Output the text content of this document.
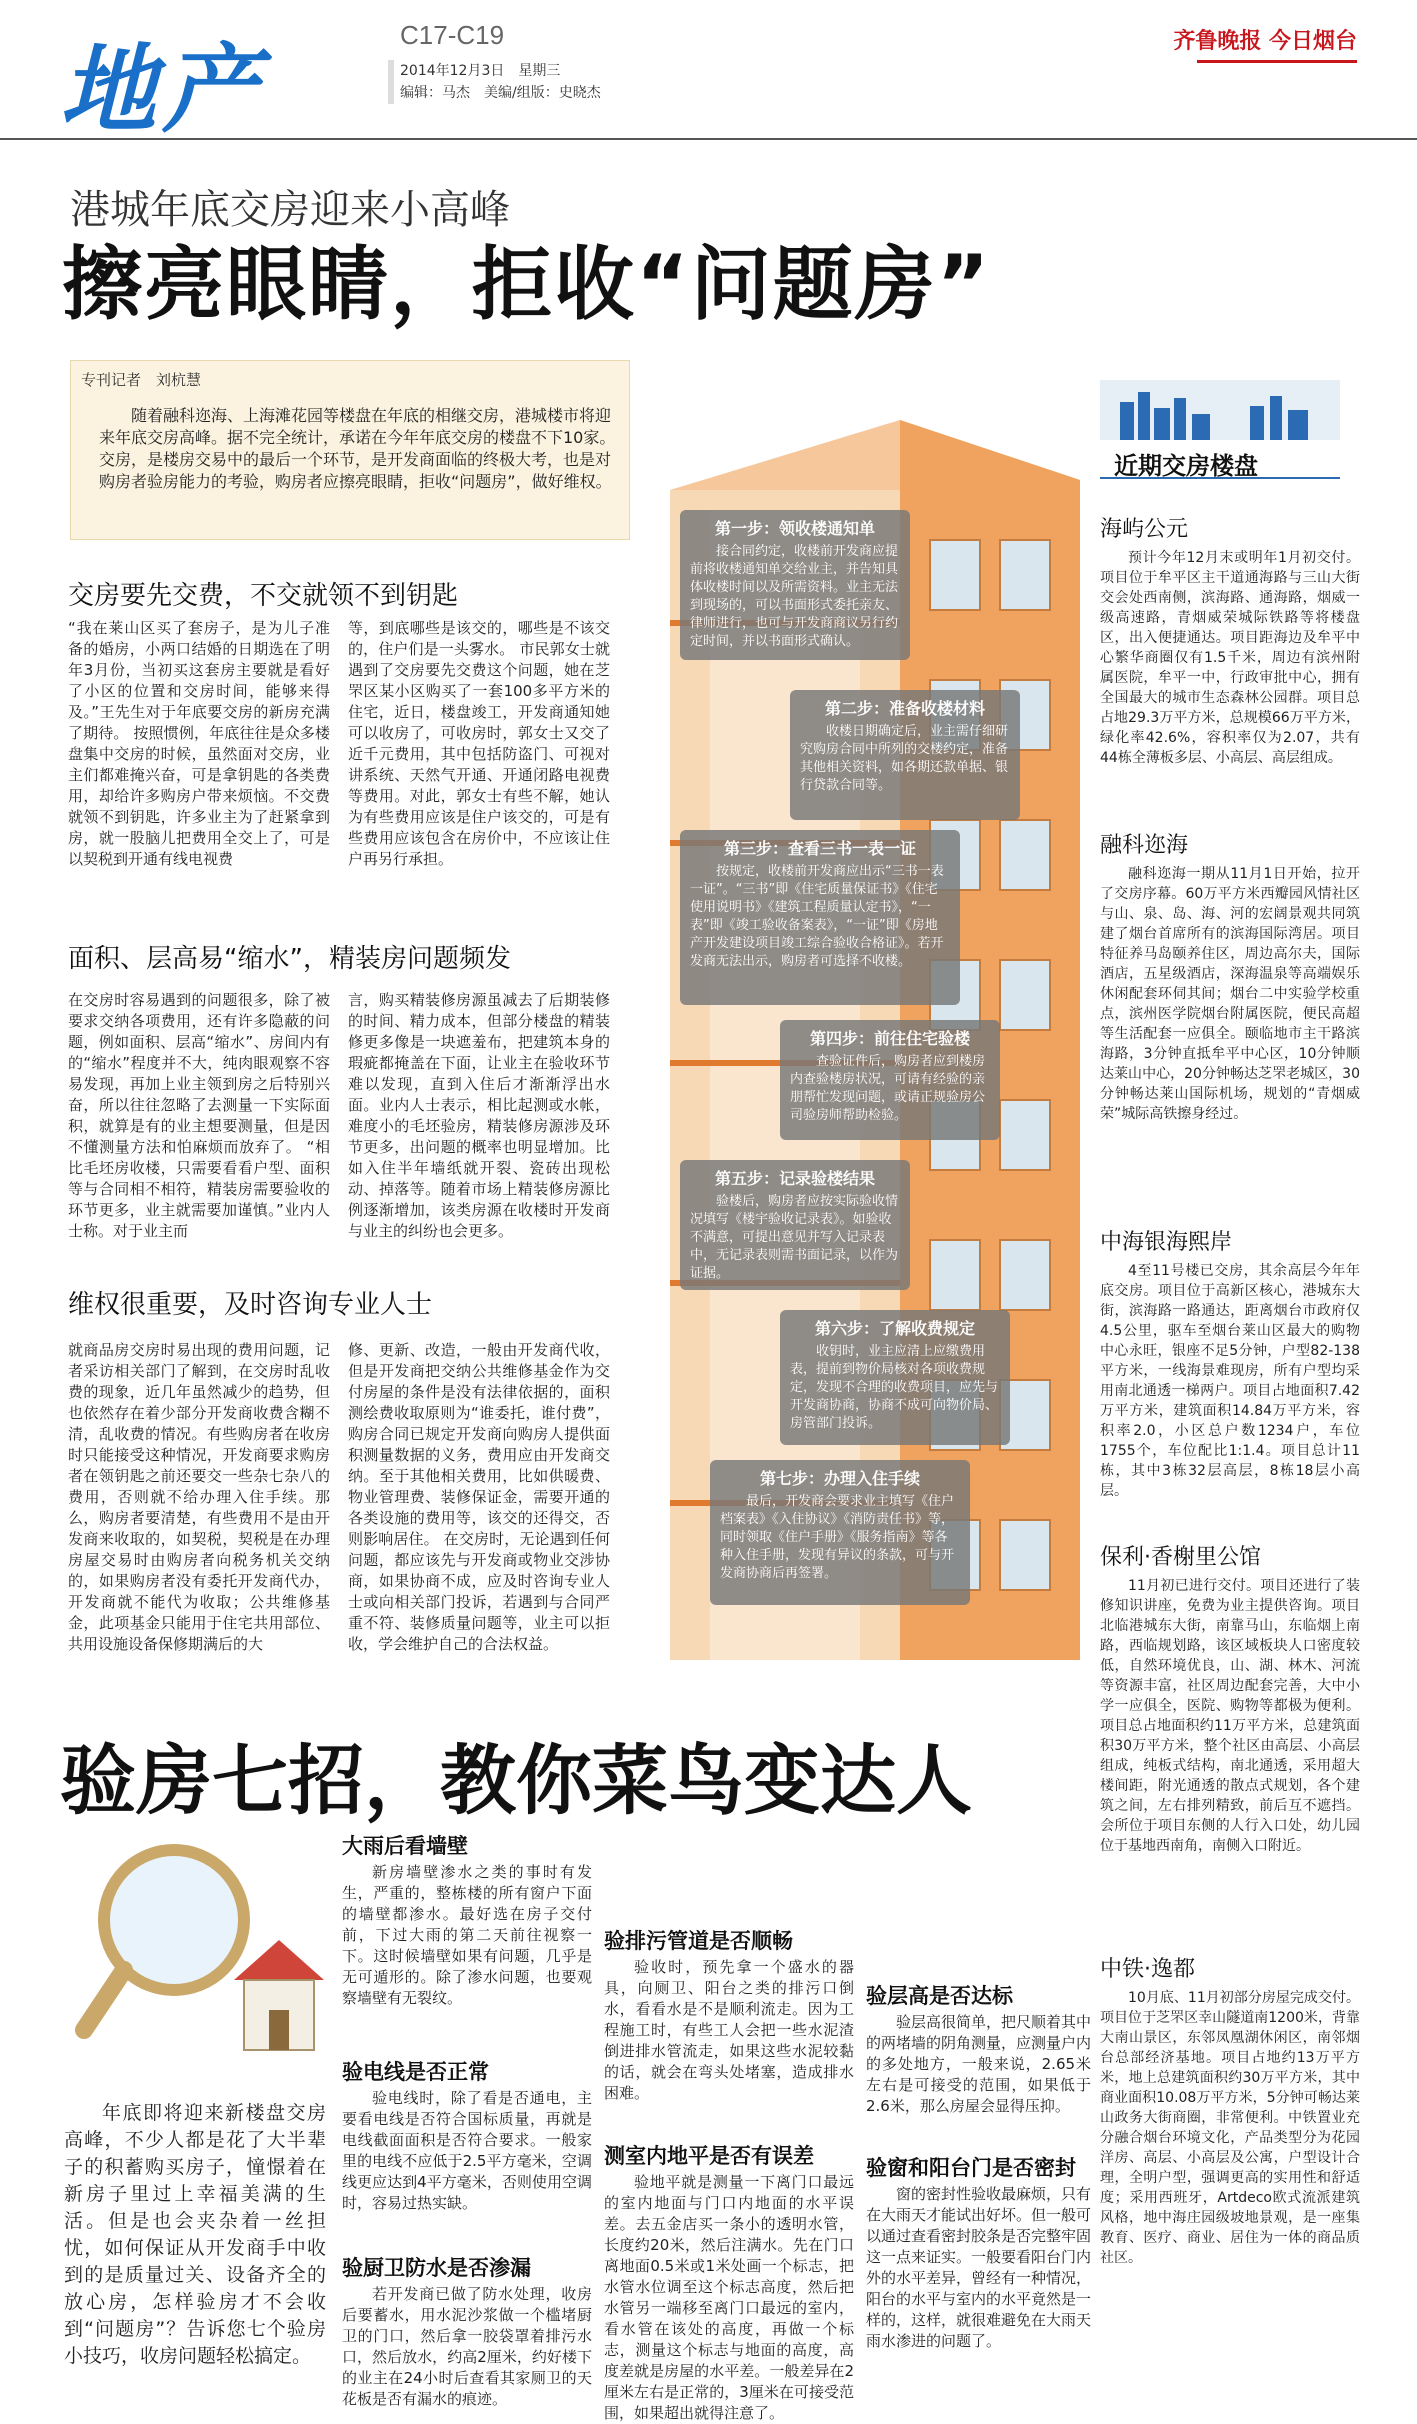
地产	C17-C19
2014年12月3日　星期三
编辑：马杰　美编/组版：史晓杰
齐鲁晚报 今日烟台
港城年底交房迎来小高峰
擦亮眼睛，拒收“问题房”
专刊记者　刘杭慧
随着融科迩海、上海滩花园等楼盘在年底的相继交房，港城楼市将迎来年底交房高峰。据不完全统计，承诺在今年年底交房的楼盘不下10家。交房，是楼房交易中的最后一个环节，是开发商面临的终极大考，也是对购房者验房能力的考验，购房者应擦亮眼睛，拒收“问题房”，做好维权。
交房要先交费，不交就领不到钥匙
“我在莱山区买了套房子，是为儿子准备的婚房，小两口结婚的日期选在了明年3月份，当初买这套房主要就是看好了小区的位置和交房时间，能够来得及。”王先生对于年底要交房的新房充满了期待。 按照惯例，年底往往是众多楼盘集中交房的时候，虽然面对交房，业主们都难掩兴奋，可是拿钥匙的各类费用，却给许多购房户带来烦恼。不交费就领不到钥匙，许多业主为了赶紧拿到房，就一股脑儿把费用全交上了，可是以契税到开通有线电视费
等，到底哪些是该交的，哪些是不该交的，住户们是一头雾水。 市民郭女士就遇到了交房要先交费这个问题，她在芝罘区某小区购买了一套100多平方米的住宅，近日，楼盘竣工，开发商通知她可以收房了，可收房时，郭女士又交了近千元费用，其中包括防盗门、可视对讲系统、天然气开通、开通闭路电视费等费用。对此，郭女士有些不解，她认为有些费用应该是住户该交的，可是有些费用应该包含在房价中，不应该让住户再另行承担。
面积、层高易“缩水”，精装房问题频发
在交房时容易遇到的问题很多，除了被要求交纳各项费用，还有许多隐蔽的问题，例如面积、层高“缩水”、房间内有的“缩水”程度并不大，纯肉眼观察不容易发现，再加上业主领到房之后特别兴奋，所以往往忽略了去测量一下实际面积，就算是有的业主想要测量，但是因不懂测量方法和怕麻烦而放弃了。 “相比毛坯房收楼，只需要看看户型、面积等与合同相不相符，精装房需要验收的环节更多，业主就需要加谨慎。”业内人士称。对于业主而
言，购买精装修房源虽减去了后期装修的时间、精力成本，但部分楼盘的精装修更多像是一块遮羞布，把建筑本身的瑕疵都掩盖在下面，让业主在验收环节难以发现，直到入住后才渐渐浮出水面。业内人士表示，相比起测或水帐，难度小的毛坯验房，精装修房源涉及环节更多，出问题的概率也明显增加。比如入住半年墙纸就开裂、瓷砖出现松动、掉落等。随着市场上精装修房源比例逐渐增加，该类房源在收楼时开发商与业主的纠纷也会更多。
维权很重要，及时咨询专业人士
就商品房交房时易出现的费用问题，记者采访相关部门了解到，在交房时乱收费的现象，近几年虽然减少的趋势，但也依然存在着少部分开发商收费含糊不清，乱收费的情况。有些购房者在收房时只能接受这种情况，开发商要求购房者在领钥匙之前还要交一些杂七杂八的费用，否则就不给办理入住手续。那么，购房者要清楚，有些费用不是由开发商来收取的，如契税，契税是在办理房屋交易时由购房者向税务机关交纳的，如果购房者没有委托开发商代办，开发商就不能代为收取；公共维修基金，此项基金只能用于住宅共用部位、共用设施设备保修期满后的大
修、更新、改造，一般由开发商代收，但是开发商把交纳公共维修基金作为交付房屋的条件是没有法律依据的，面积测绘费收取原则为“谁委托，谁付费”，购房合同已规定开发商向购房人提供面积测量数据的义务，费用应由开发商交纳。至于其他相关费用，比如供暖费、物业管理费、装修保证金，需要开通的各类设施的费用等，该交的还得交，否则影响居住。 在交房时，无论遇到任何问题，都应该先与开发商或物业交涉协商，如果协商不成，应及时咨询专业人士或向相关部门投诉，若遇到与合同严重不符、装修质量问题等，业主可以拒收，学会维护自己的合法权益。
第一步：领收楼通知单
接合同约定，收楼前开发商应提前将收楼通知单交给业主，并告知具体收楼时间以及所需资料。业主无法到现场的，可以书面形式委托亲友、律师进行，也可与开发商商议另行约定时间，并以书面形式确认。
第二步：准备收楼材料
收楼日期确定后，业主需仔细研究购房合同中所列的交楼约定，准备其他相关资料，如各期还款单据、银行贷款合同等。
第三步：查看三书一表一证
按规定，收楼前开发商应出示“三书一表一证”。“三书”即《住宅质量保证书》《住宅使用说明书》《建筑工程质量认定书》，“一表”即《竣工验收备案表》，“一证”即《房地产开发建设项目竣工综合验收合格证》。若开发商无法出示，购房者可选择不收楼。
第四步：前往住宅验楼
查验证件后，购房者应到楼房内查验楼房状况，可请有经验的亲朋帮忙发现问题，或请正规验房公司验房师帮助检验。
第五步：记录验楼结果
验楼后，购房者应按实际验收情况填写《楼宇验收记录表》。如验收不满意，可提出意见并写入记录表中，无记录表则需书面记录，以作为证据。
第六步：了解收费规定
收钥时，业主应清上应缴费用表，提前到物价局核对各项收费规定，发现不合理的收费项目，应先与开发商协商，协商不成可向物价局、房管部门投诉。
第七步：办理入住手续
最后，开发商会要求业主填写《住户档案表》《入住协议》《消防责任书》等，同时领取《住户手册》《服务指南》等各种入住手册，发现有异议的条款，可与开发商协商后再签署。
近期交房楼盘
海屿公元
预计今年12月末或明年1月初交付。项目位于牟平区主干道通海路与三山大街交会处西南侧，滨海路、通海路，烟威一级高速路，青烟威荣城际铁路等将楼盘区，出入便捷通达。项目距海边及牟平中心繁华商圈仅有1.5千米，周边有滨州附属医院，牟平一中，行政审批中心，拥有全国最大的城市生态森林公园群。项目总占地29.3万平方米，总规模66万平方米，绿化率42.6%，容积率仅为2.07，共有44栋全薄板多层、小高层、高层组成。
融科迩海
融科迩海一期从11月1日开始，拉开了交房序幕。60万平方米西瓣园风情社区与山、泉、岛、海、河的宏阔景观共同筑建了烟台首席所有的滨海国际湾居。项目特征养马岛颐养住区，周边高尔夫，国际酒店，五星级酒店，深海温泉等高端娱乐休闲配套环伺其间；烟台二中实验学校重点，滨州医学院烟台附属医院，便民高超等生活配套一应俱全。颐临地市主干路滨海路，3分钟直抵牟平中心区，10分钟顺达莱山中心，20分钟畅达芝罘老城区，30分钟畅达莱山国际机场，规划的“青烟威荣”城际高铁擦身经过。
中海银海熙岸
4至11号楼已交房，其余高层今年年底交房。项目位于高新区核心，港城东大街，滨海路一路通达，距离烟台市政府仅4.5公里，驱车至烟台莱山区最大的购物中心永旺，银座不足5分钟，户型82-138平方米，一线海景难现房，所有户型均采用南北通透一梯两户。项目占地面积7.42万平方米，建筑面积14.84万平方米，容积率2.0，小区总户数1234户，车位1755个，车位配比1:1.4。项目总计11栋，其中3栋32层高层，8栋18层小高层。
保利·香榭里公馆
11月初已进行交付。项目还进行了装修知识讲座，免费为业主提供咨询。项目北临港城东大街，南靠马山，东临烟上南路，西临规划路，该区域板块人口密度较低，自然环境优良，山、湖、林木、河流等资源丰富，社区周边配套完善，大中小学一应俱全，医院、购物等都极为便利。项目总占地面积约11万平方米，总建筑面积30万平方米，整个社区由高层、小高层组成，纯板式结构，南北通透，采用超大楼间距，附光通透的散点式规划，各个建筑之间，左右排列精致，前后互不遮挡。会所位于项目东侧的人行入口处，幼儿园位于基地西南角，南侧入口附近。
中铁·逸都
10月底、11月初部分房屋完成交付。项目位于芝罘区幸山隧道南1200米，背靠大南山景区，东邻凤凰湖休闲区，南邻烟台总部经济基地。项目占地约13万平方米，地上总建筑面积约30万平方米，其中商业面积10.08万平方米，5分钟可畅达莱山政务大街商圈，非常便利。中铁置业充分融合烟台环境文化，产品类型分为花园洋房、高层、小高层及公寓，户型设计合理，全明户型，强调更高的实用性和舒适度；采用西班牙，Artdeco欧式流派建筑风格，地中海庄园级坡地景观，是一座集教育、医疗、商业、居住为一体的商品质社区。
验房七招，教你菜鸟变达人
年底即将迎来新楼盘交房高峰，不少人都是花了大半辈子的积蓄购买房子，憧憬着在新房子里过上幸福美满的生活。但是也会夹杂着一丝担忧，如何保证从开发商手中收到的是质量过关、设备齐全的放心房，怎样验房才不会收到“问题房”？告诉您七个验房小技巧，收房问题轻松搞定。
大雨后看墙壁
新房墙壁渗水之类的事时有发生，严重的，整栋楼的所有窗户下面的墙壁都渗水。最好选在房子交付前，下过大雨的第二天前往视察一下。这时候墙壁如果有问题，几乎是无可遁形的。除了渗水问题，也要观察墙壁有无裂纹。
验电线是否正常
验电线时，除了看是否通电，主要看电线是否符合国标质量，再就是电线截面面积是否符合要求。一般家里的电线不应低于2.5平方毫米，空调线更应达到4平方毫米，否则使用空调时，容易过热实缺。
验厨卫防水是否渗漏
若开发商已做了防水处理，收房后要蓄水，用水泥沙浆做一个槛堵厨卫的门口，然后拿一胶袋罩着排污水口，然后放水，约高2厘米，约好楼下的业主在24小时后查看其家厕卫的天花板是否有漏水的痕迹。
验排污管道是否顺畅
验收时，预先拿一个盛水的器具，向厕卫、阳台之类的排污口倒水，看看水是不是顺利流走。因为工程施工时，有些工人会把一些水泥渣倒进排水管流走，如果这些水泥较黏的话，就会在弯头处堵塞，造成排水困难。
测室内地平是否有误差
验地平就是测量一下离门口最远的室内地面与门口内地面的水平误差。去五金店买一条小的透明水管，长度约20米，然后注满水。先在门口离地面0.5米或1米处画一个标志，把水管水位调至这个标志高度，然后把水管另一端移至离门口最远的室内，看水管在该处的高度，再做一个标志，测量这个标志与地面的高度，高度差就是房屋的水平差。一般差异在2厘米左右是正常的，3厘米在可接受范围，如果超出就得注意了。
验层高是否达标
验层高很简单，把尺顺着其中的两堵墙的阴角测量，应测量户内的多处地方，一般来说，2.65米左右是可接受的范围，如果低于2.6米，那么房屋会显得压抑。
验窗和阳台门是否密封
窗的密封性验收最麻烦，只有在大雨天才能试出好坏。但一般可以通过查看密封胶条是否完整牢固这一点来证实。一般要看阳台门内外的水平差异，曾经有一种情况，阳台的水平与室内的水平竟然是一样的，这样，就很难避免在大雨天雨水渗进的问题了。
